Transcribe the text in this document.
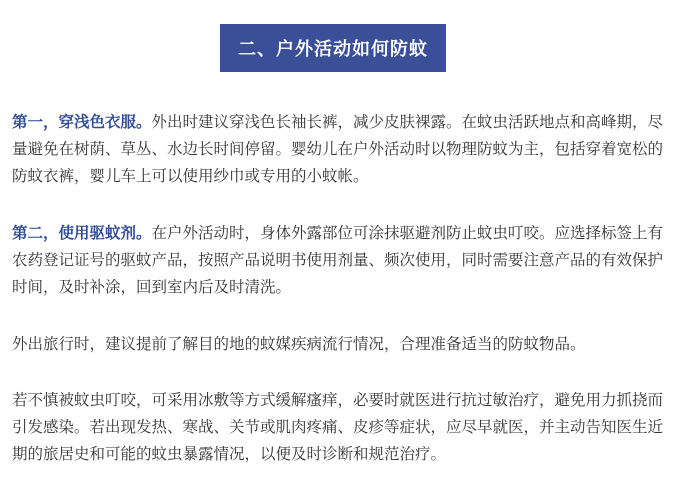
二、户外活动如何防蚊

第一，穿浅色衣服。外出时建议穿浅色长袖长裤，减少皮肤裸露。在蚊虫活跃地点和高峰期，尽量避免在树荫、草丛、水边长时间停留。婴幼儿在户外活动时以物理防蚊为主，包括穿着宽松的防蚊衣裤，婴儿车上可以使用纱巾或专用的小蚊帐。

第二，使用驱蚊剂。在户外活动时，身体外露部位可涂抹驱避剂防止蚊虫叮咬。应选择标签上有农药登记证号的驱蚊产品，按照产品说明书使用剂量、频次使用，同时需要注意产品的有效保护时间，及时补涂，回到室内后及时清洗。

外出旅行时，建议提前了解目的地的蚊媒疾病流行情况，合理准备适当的防蚊物品。

若不慎被蚊虫叮咬，可采用冰敷等方式缓解瘙痒，必要时就医进行抗过敏治疗，避免用力抓挠而引发感染。若出现发热、寒战、关节或肌肉疼痛、皮疹等症状，应尽早就医，并主动告知医生近期的旅居史和可能的蚊虫暴露情况，以便及时诊断和规范治疗。
